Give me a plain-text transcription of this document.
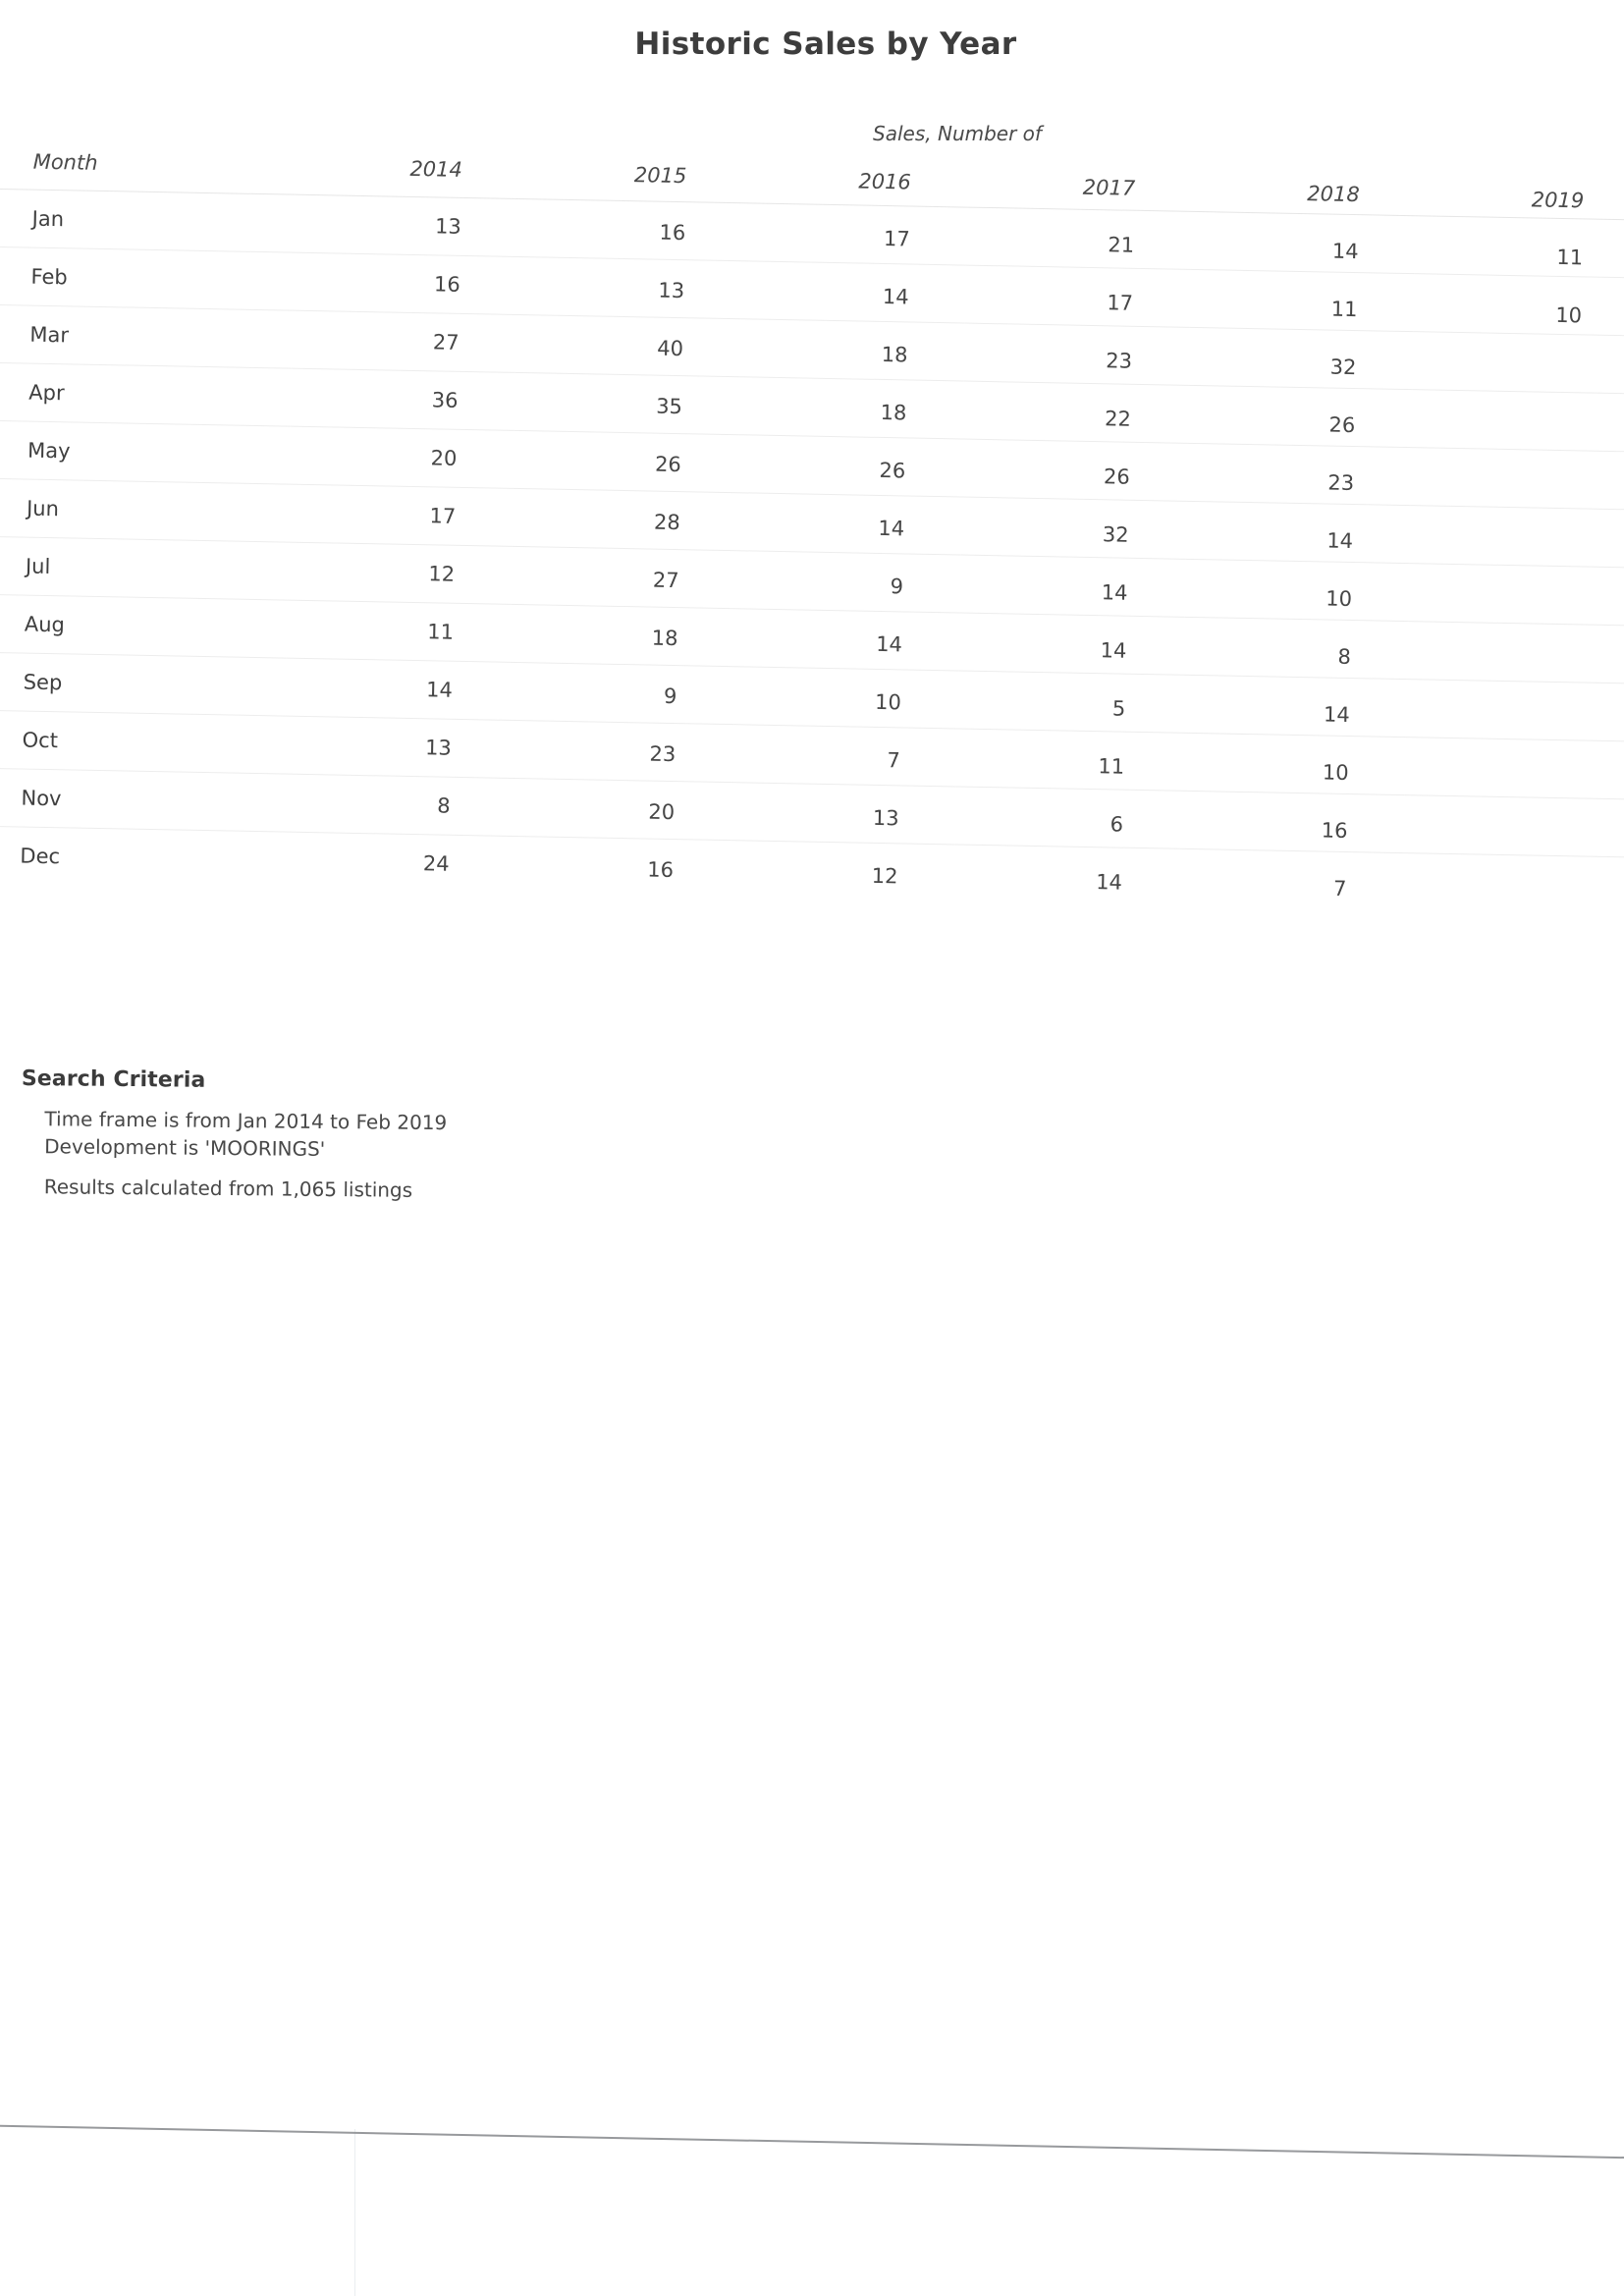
Historic Sales by Year
Sales, Number of
Month	2014	2015	2016	2017	2018	2019
Jan	13	16	17	21	14	11
Feb	16	13	14	17	11	10
Mar	27	40	18	23	32	
Apr	36	35	18	22	26	
May	20	26	26	26	23	
Jun	17	28	14	32	14	
Jul	12	27	9	14	10	
Aug	11	18	14	14	8	
Sep	14	9	10	5	14	
Oct	13	23	7	11	10	
Nov	8	20	13	6	16	
Dec	24	16	12	14	7	
Search Criteria
Time frame is from Jan 2014 to Feb 2019
Development is 'MOORINGS'
Results calculated from 1,065 listings
